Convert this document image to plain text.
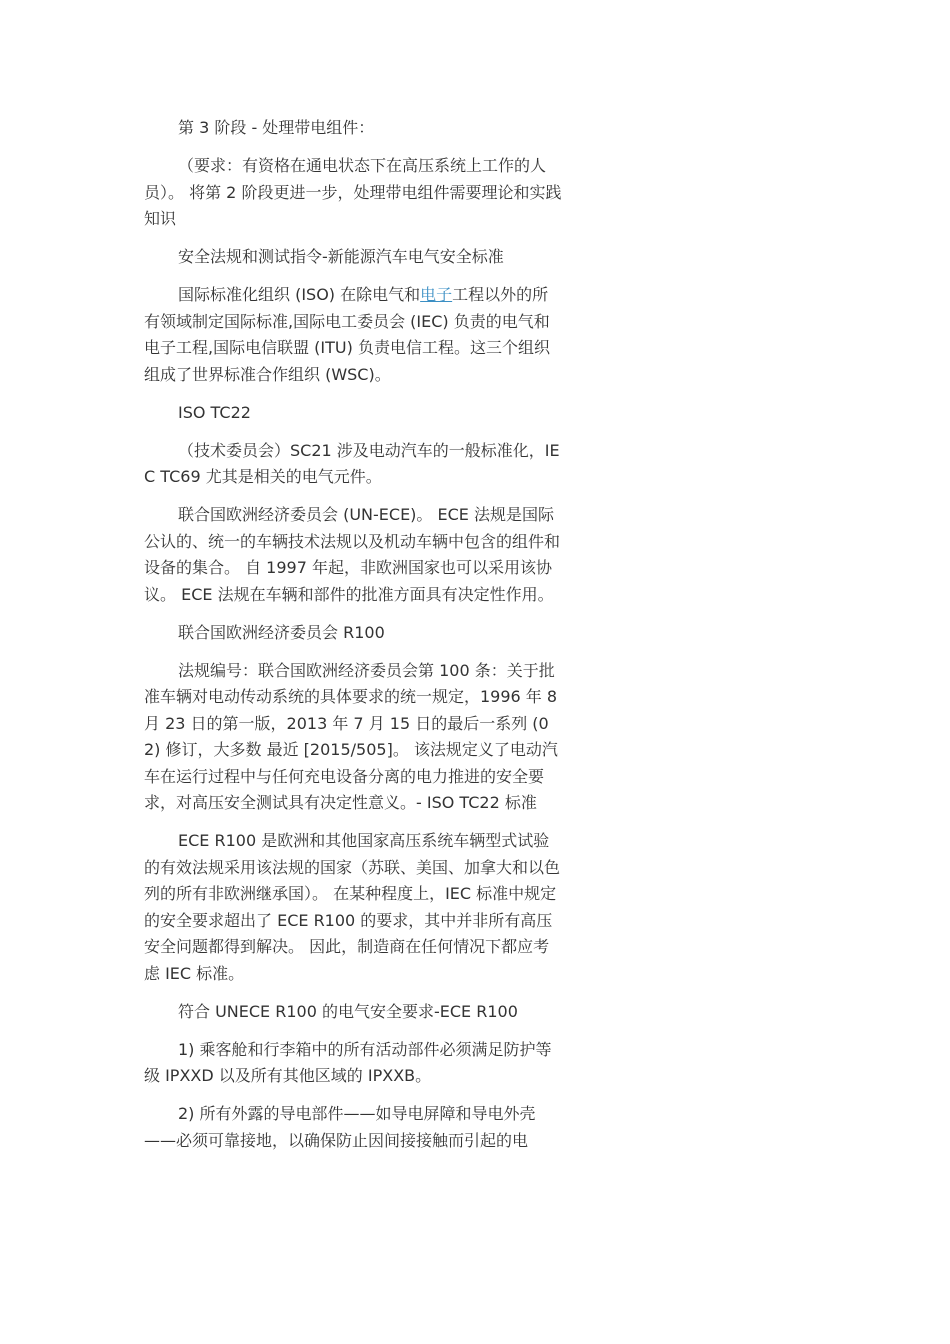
第 3 阶段 - 处理带电组件：

（要求：有资格在通电状态下在高压系统上工作的人员）。 将第 2 阶段更进一步，处理带电组件需要理论和实践知识

安全法规和测试指令-新能源汽车电气安全标准

国际标准化组织 (ISO) 在除电气和电子工程以外的所有领域制定国际标准,国际电工委员会 (IEC) 负责的电气和电子工程,国际电信联盟 (ITU) 负责电信工程。这三个组织组成了世界标准合作组织 (WSC)。

ISO TC22

（技术委员会）SC21 涉及电动汽车的一般标准化，IEC TC69 尤其是相关的电气元件。

联合国欧洲经济委员会 (UN-ECE)。 ECE 法规是国际公认的、统一的车辆技术法规以及机动车辆中包含的组件和设备的集合。 自 1997 年起，非欧洲国家也可以采用该协议。 ECE 法规在车辆和部件的批准方面具有决定性作用。

联合国欧洲经济委员会 R100

法规编号：联合国欧洲经济委员会第 100 条：关于批准车辆对电动传动系统的具体要求的统一规定，1996 年 8 月 23 日的第一版，2013 年 7 月 15 日的最后一系列 (02) 修订，大多数 最近 [2015/505]。 该法规定义了电动汽车在运行过程中与任何充电设备分离的电力推进的安全要求，对高压安全测试具有决定性意义。- ISO TC22 标准

ECE R100 是欧洲和其他国家高压系统车辆型式试验的有效法规采用该法规的国家（苏联、美国、加拿大和以色列的所有非欧洲继承国）。 在某种程度上，IEC 标准中规定的安全要求超出了 ECE R100 的要求，其中并非所有高压安全问题都得到解决。 因此，制造商在任何情况下都应考虑 IEC 标准。

符合 UNECE R100 的电气安全要求-ECE R100

1) 乘客舱和行李箱中的所有活动部件必须满足防护等级 IPXXD 以及所有其他区域的 IPXXB。

2) 所有外露的导电部件——如导电屏障和导电外壳——必须可靠接地，以确保防止因间接接触而引起的电
